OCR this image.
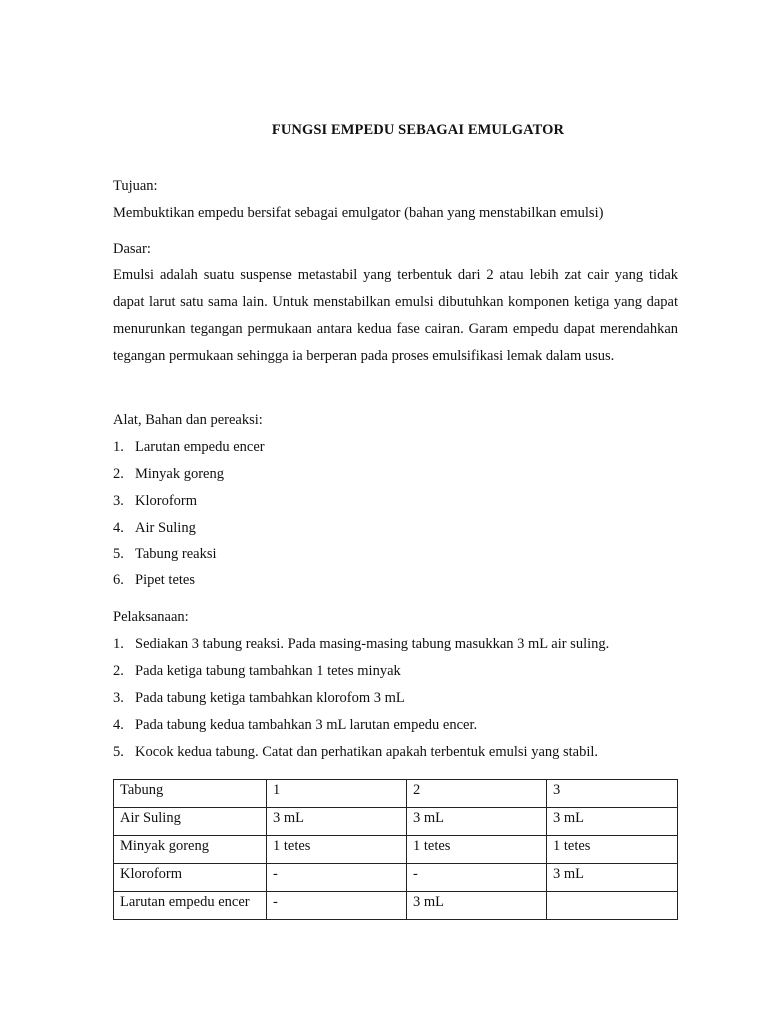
FUNGSI EMPEDU SEBAGAI EMULGATOR
Tujuan:
Membuktikan empedu bersifat sebagai emulgator (bahan yang menstabilkan emulsi)
Dasar:
Emulsi adalah suatu suspense metastabil yang terbentuk dari 2 atau lebih zat cair yang tidak dapat larut satu sama lain. Untuk menstabilkan emulsi dibutuhkan komponen ketiga yang dapat menurunkan tegangan permukaan antara kedua fase cairan. Garam empedu dapat merendahkan tegangan permukaan sehingga ia berperan pada proses emulsifikasi lemak dalam usus.
Alat, Bahan dan pereaksi:
1. Larutan empedu encer
2. Minyak goreng
3. Kloroform
4. Air Suling
5. Tabung reaksi
6. Pipet tetes
Pelaksanaan:
1. Sediakan 3 tabung reaksi. Pada masing-masing tabung masukkan 3 mL air suling.
2. Pada ketiga tabung tambahkan 1 tetes minyak
3. Pada tabung ketiga tambahkan klorofom 3 mL
4. Pada tabung kedua tambahkan 3 mL larutan empedu encer.
5. Kocok kedua tabung. Catat dan perhatikan apakah terbentuk emulsi yang stabil.
Tabung	1	2	3
Air Suling	3 mL	3 mL	3 mL
Minyak goreng	1 tetes	1 tetes	1 tetes
Kloroform	-	-	3 mL
Larutan empedu encer	-	3 mL	
